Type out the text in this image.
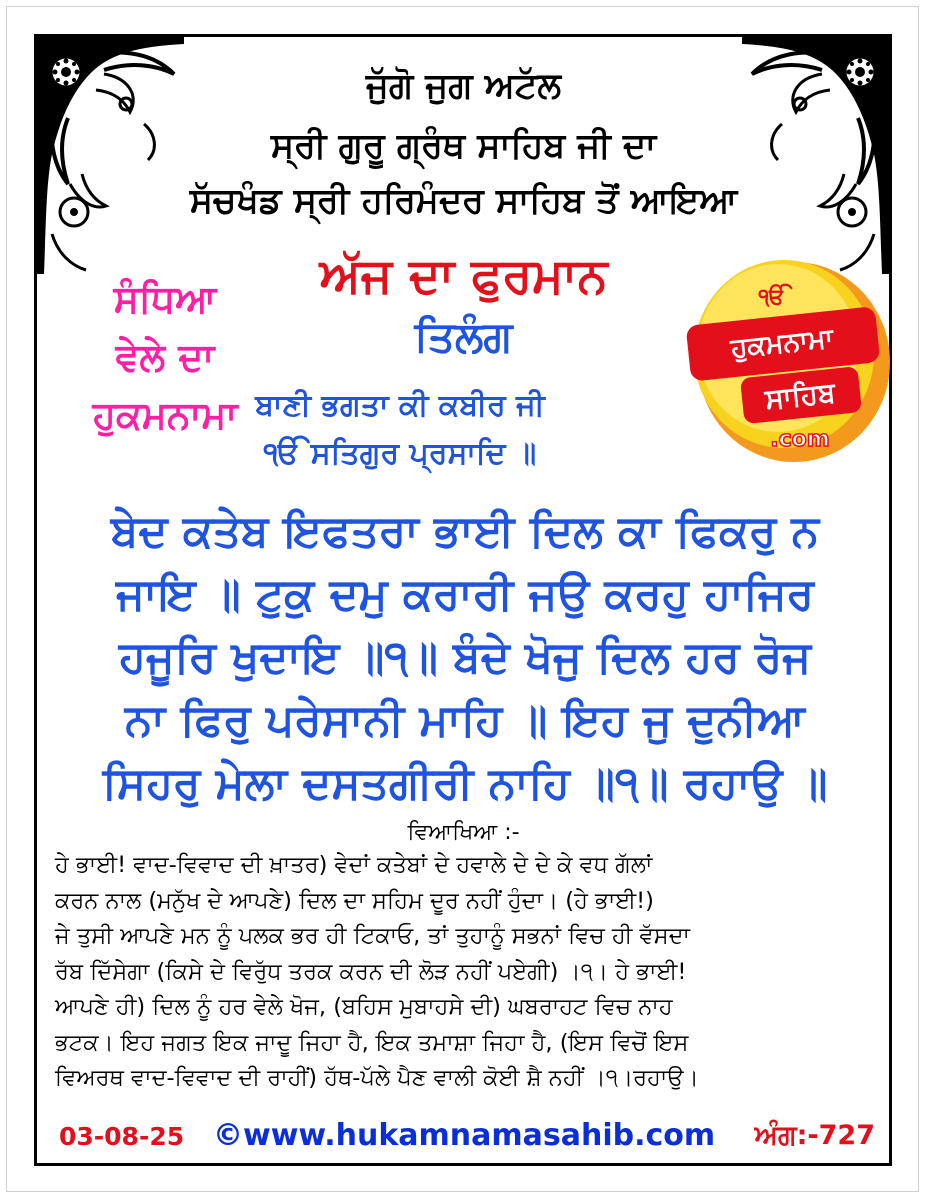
ਜੁੱਗੋ ਜੁਗ ਅਟੱਲ

ਸ੍ਰੀ ਗੁਰੂ ਗ੍ਰੰਥ ਸਾਹਿਬ ਜੀ ਦਾ

ਸੱਚਖੰਡ ਸ੍ਰੀ ਹਰਿਮੰਦਰ ਸਾਹਿਬ ਤੋਂ ਆਇਆ

ਅੱਜ ਦਾ ਫੁਰਮਾਨ
ਤਿਲੰਗ
ਬਾਣੀ ਭਗਤਾ ਕੀ ਕਬੀਰ ਜੀ
ੴ ਸਤਿਗੁਰ ਪ੍ਰਸਾਦਿ ॥
ਸੰਧਿਆ
ਵੇਲੇ ਦਾ
ਹੁਕਮਨਾਮਾ
ੴ
ਹੁਕਮਨਾਮਾ
ਸਾਹਿਬ
.com
ਬੇਦ ਕਤੇਬ ਇਫਤਰਾ ਭਾਈ ਦਿਲ ਕਾ ਫਿਕਰੁ ਨ
ਜਾਇ ॥ ਟੁਕੁ ਦਮੁ ਕਰਾਰੀ ਜਉ ਕਰਹੁ ਹਾਜਿਰ
ਹਜੂਰਿ ਖੁਦਾਇ ॥੧॥ ਬੰਦੇ ਖੋਜੁ ਦਿਲ ਹਰ ਰੋਜ
ਨਾ ਫਿਰੁ ਪਰੇਸਾਨੀ ਮਾਹਿ ॥ ਇਹ ਜੁ ਦੁਨੀਆ
ਸਿਹਰੁ ਮੇਲਾ ਦਸਤਗੀਰੀ ਨਾਹਿ ॥੧॥ ਰਹਾਉ ॥
ਵਿਆਖਿਆ :-
ਹੇ ਭਾਈ! ਵਾਦ-ਵਿਵਾਦ ਦੀ ਖ਼ਾਤਰ) ਵੇਦਾਂ ਕਤੇਬਾਂ ਦੇ ਹਵਾਲੇ ਦੇ ਦੇ ਕੇ ਵਧ ਗੱਲਾਂ
ਕਰਨ ਨਾਲ (ਮਨੁੱਖ ਦੇ ਆਪਣੇ) ਦਿਲ ਦਾ ਸਹਿਮ ਦੂਰ ਨਹੀਂ ਹੁੰਦਾ। (ਹੇ ਭਾਈ!)
ਜੇ ਤੁਸੀ ਆਪਣੇ ਮਨ ਨੂੰ ਪਲਕ ਭਰ ਹੀ ਟਿਕਾਓ, ਤਾਂ ਤੁਹਾਨੂੰ ਸਭਨਾਂ ਵਿਚ ਹੀ ਵੱਸਦਾ
ਰੱਬ ਦਿੱਸੇਗਾ (ਕਿਸੇ ਦੇ ਵਿਰੁੱਧ ਤਰਕ ਕਰਨ ਦੀ ਲੋੜ ਨਹੀਂ ਪਏਗੀ) ।੧। ਹੇ ਭਾਈ!
ਆਪਣੇ ਹੀ) ਦਿਲ ਨੂੰ ਹਰ ਵੇਲੇ ਖੋਜ, (ਬਹਿਸ ਮੁਬਾਹਸੇ ਦੀ) ਘਬਰਾਹਟ ਵਿਚ ਨਾਹ
ਭਟਕ। ਇਹ ਜਗਤ ਇਕ ਜਾਦੂ ਜਿਹਾ ਹੈ, ਇਕ ਤਮਾਸ਼ਾ ਜਿਹਾ ਹੈ, (ਇਸ ਵਿਚੋਂ ਇਸ
ਵਿਅਰਥ ਵਾਦ-ਵਿਵਾਦ ਦੀ ਰਾਹੀਂ) ਹੱਥ-ਪੱਲੇ ਪੈਣ ਵਾਲੀ ਕੋਈ ਸ਼ੈ ਨਹੀਂ ।੧।ਰਹਾਉ।
03-08-25 ©www.hukamnamasahib.com ਅੰਗ:-727
